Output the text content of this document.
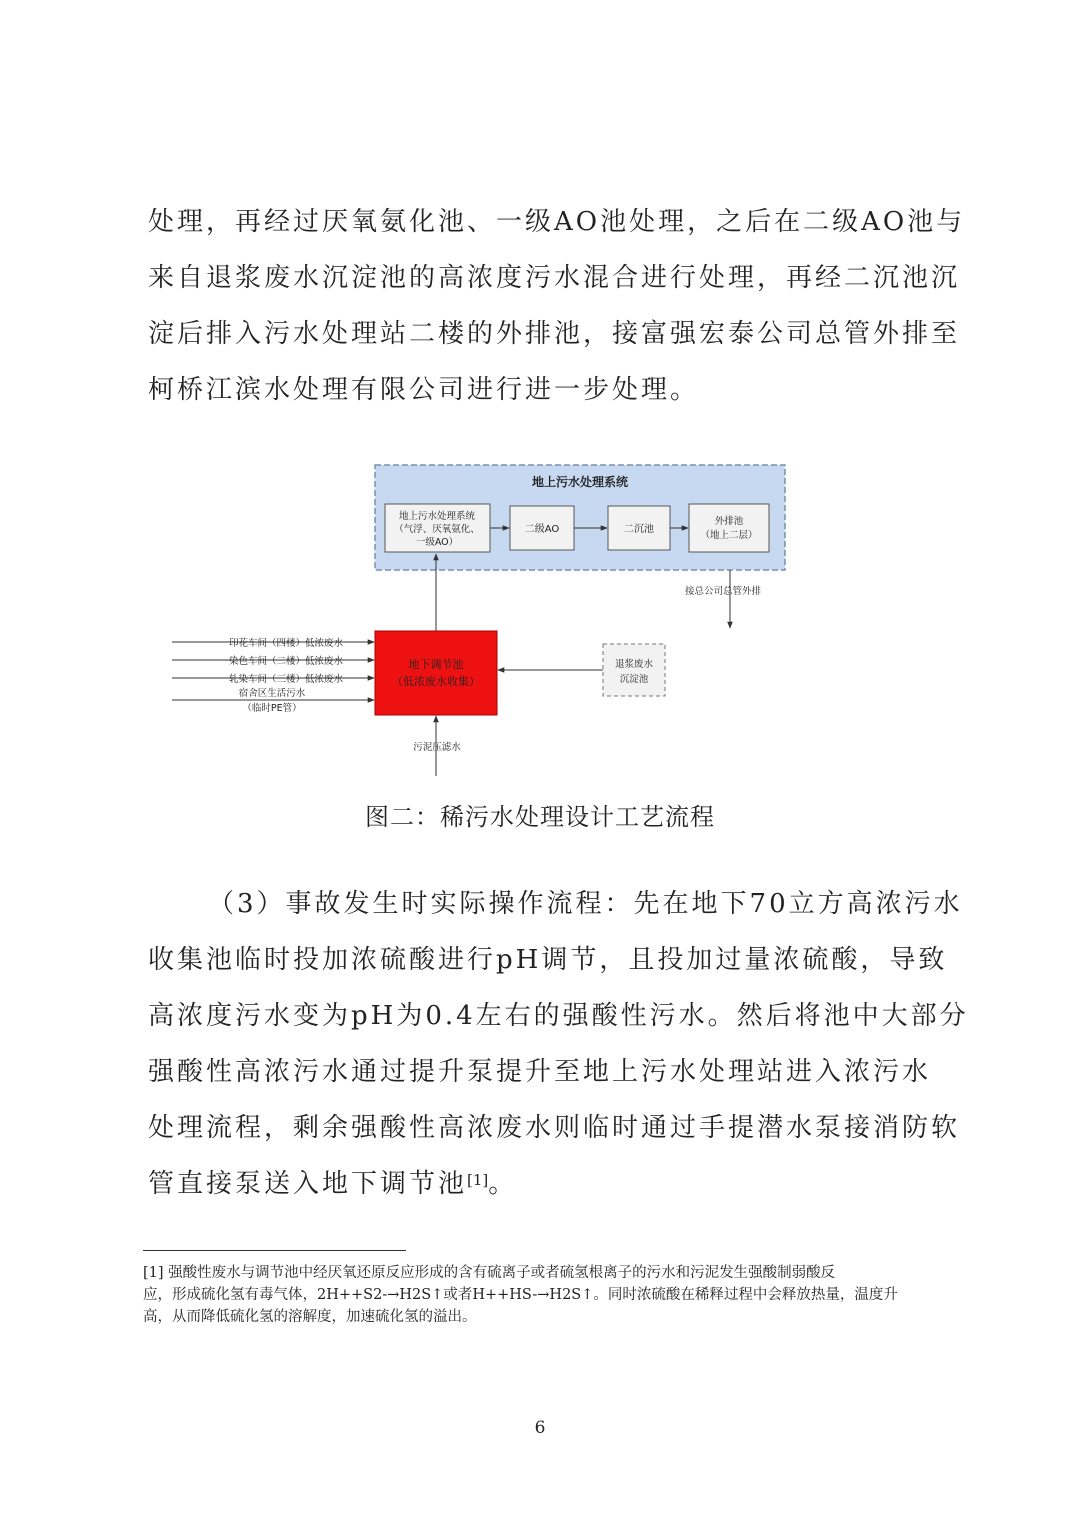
处理，再经过厌氧氨化池、一级AO池处理，之后在二级AO池与
来自退浆废水沉淀池的高浓度污水混合进行处理，再经二沉池沉
淀后排入污水处理站二楼的外排池，接富强宏泰公司总管外排至
柯桥江滨水处理有限公司进行进一步处理。
地上污水处理系统
地上污水处理系统
（气浮、厌氧氨化、
一级AO）
二级AO	二沉池
外排池
（地上二层）
接总公司总管外排
地下调节池
（低浓废水收集）
印花车间（四楼）低浓废水
染色车间（二楼）低浓废水
轧染车间（三楼）低浓废水
宿舍区生活污水
（临时PE管）
退浆废水
沉淀池
污泥压滤水
图二：稀污水处理设计工艺流程
（3）事故发生时实际操作流程：先在地下70立方高浓污水
收集池临时投加浓硫酸进行pH调节，且投加过量浓硫酸，导致
高浓度污水变为pH为0.4左右的强酸性污水。然后将池中大部分
强酸性高浓污水通过提升泵提升至地上污水处理站进入浓污水
处理流程，剩余强酸性高浓废水则临时通过手提潜水泵接消防软
管直接泵送入地下调节池[1]。
[1] 强酸性废水与调节池中经厌氧还原反应形成的含有硫离子或者硫氢根离子的污水和污泥发生强酸制弱酸反
应，形成硫化氢有毒气体，2H++S2-→H2S↑或者H++HS-→H2S↑。同时浓硫酸在稀释过程中会释放热量，温度升
高，从而降低硫化氢的溶解度，加速硫化氢的溢出。
6
